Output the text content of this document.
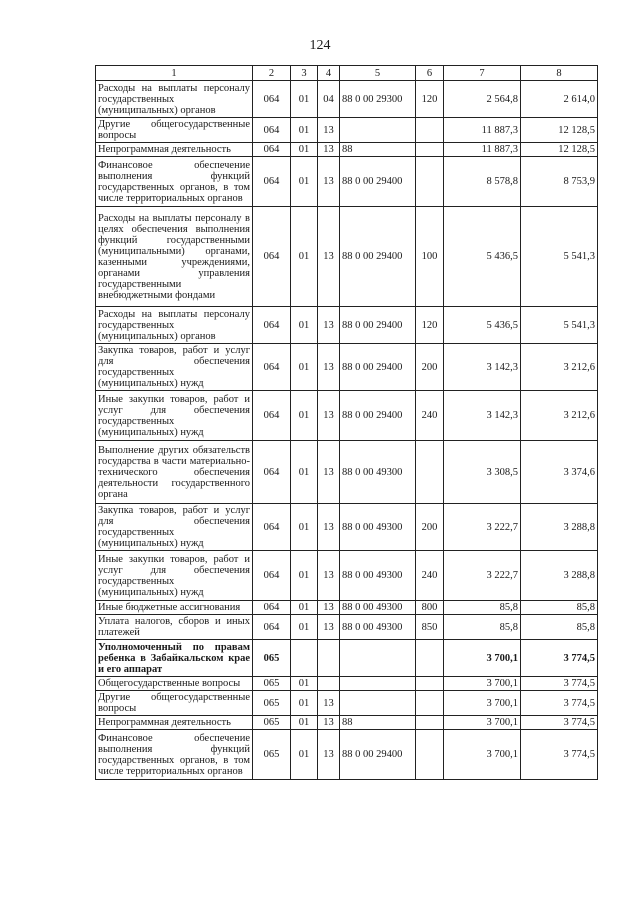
124
1	2	3	4	5	6	7	8
Расходы на выплаты персоналу государственных (муниципальных) органов	064	01	04	88 0 00 29300	120	2 564,8	2 614,0
Другие общегосударственные вопросы	064	01	13			11 887,3	12 128,5
Непрограммная деятельность	064	01	13	88		11 887,3	12 128,5
Финансовое обеспечение выполнения функций государственных органов, в том числе территориальных органов	064	01	13	88 0 00 29400		8 578,8	8 753,9
Расходы на выплаты персоналу в целях обеспечения выполнения функций государственными (муниципальными) органами, казенными учреждениями, органами управления государственными внебюджетными фондами	064	01	13	88 0 00 29400	100	5 436,5	5 541,3
Расходы на выплаты персоналу государственных (муниципальных) органов	064	01	13	88 0 00 29400	120	5 436,5	5 541,3
Закупка товаров, работ и услуг для обеспечения государственных (муниципальных) нужд	064	01	13	88 0 00 29400	200	3 142,3	3 212,6
Иные закупки товаров, работ и услуг для обеспечения государственных (муниципальных) нужд	064	01	13	88 0 00 29400	240	3 142,3	3 212,6
Выполнение других обязательств государства в части материально-технического обеспечения деятельности государственного органа	064	01	13	88 0 00 49300		3 308,5	3 374,6
Закупка товаров, работ и услуг для обеспечения государственных (муниципальных) нужд	064	01	13	88 0 00 49300	200	3 222,7	3 288,8
Иные закупки товаров, работ и услуг для обеспечения государственных (муниципальных) нужд	064	01	13	88 0 00 49300	240	3 222,7	3 288,8
Иные бюджетные ассигнования	064	01	13	88 0 00 49300	800	85,8	85,8
Уплата налогов, сборов и иных платежей	064	01	13	88 0 00 49300	850	85,8	85,8
Уполномоченный по правам ребенка в Забайкальском крае и его аппарат	065					3 700,1	3 774,5
Общегосударственные вопросы	065	01				3 700,1	3 774,5
Другие общегосударственные вопросы	065	01	13			3 700,1	3 774,5
Непрограммная деятельность	065	01	13	88		3 700,1	3 774,5
Финансовое обеспечение выполнения функций государственных органов, в том числе территориальных органов	065	01	13	88 0 00 29400		3 700,1	3 774,5
